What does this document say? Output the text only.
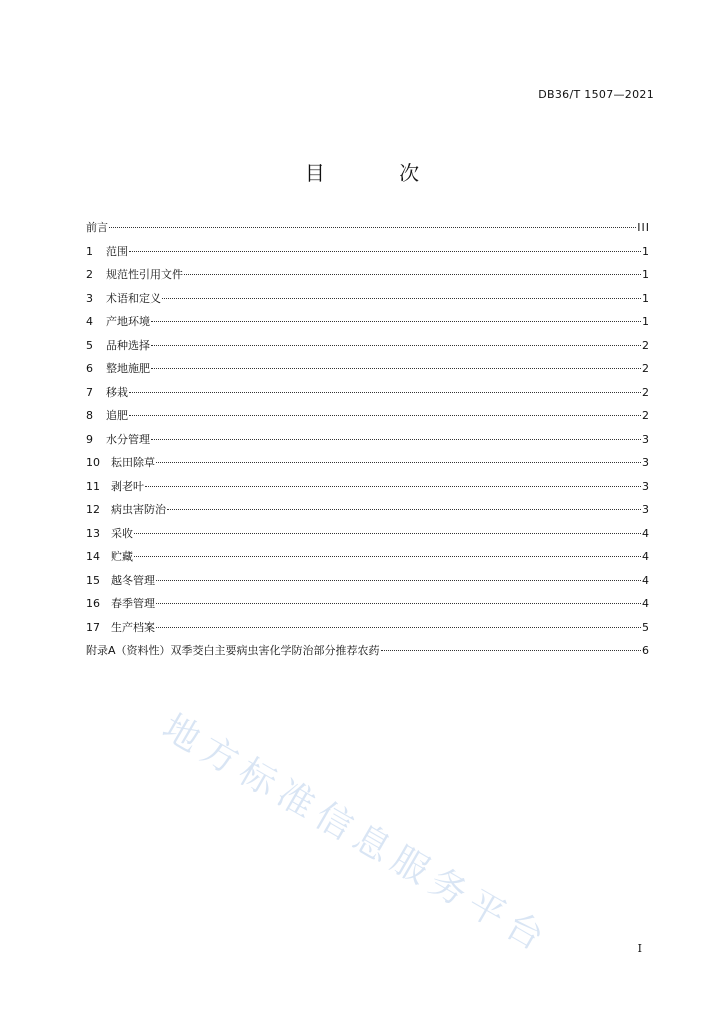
DB36/T 1507—2021
目 次
前言	III
1 范围	1
2 规范性引用文件	1
3 术语和定义	1
4 产地环境	1
5 品种选择	2
6 整地施肥	2
7 移栽	2
8 追肥	2
9 水分管理	3
10 耘田除草	3
11 剥老叶	3
12 病虫害防治	3
13 采收	4
14 贮藏	4
15 越冬管理	4
16 春季管理	4
17 生产档案	5
附录A（资料性）双季茭白主要病虫害化学防治部分推荐农药	6
地方标准信息服务平台	I
